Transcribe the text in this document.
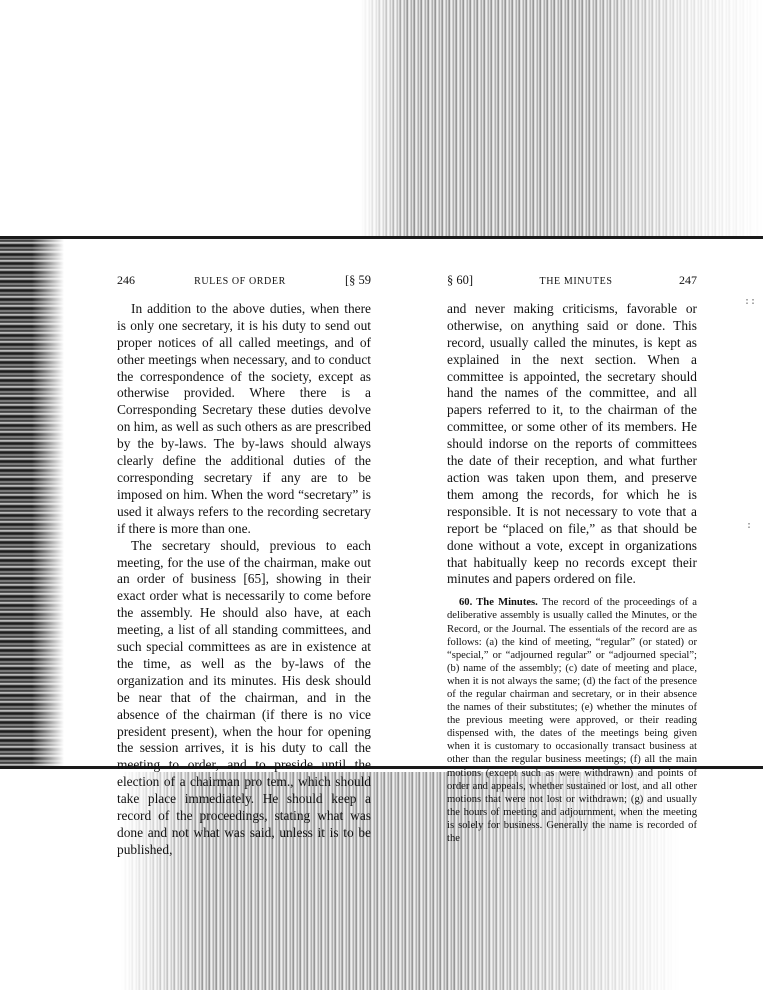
::
:
246	RULES OF ORDER	[§ 59

In addition to the above duties, when there is only one secretary, it is his duty to send out proper notices of all called meetings, and of other meetings when necessary, and to conduct the correspondence of the society, except as otherwise provided. Where there is a Corresponding Secretary these duties devolve on him, as well as such others as are prescribed by the by-laws. The by-laws should always clearly define the additional duties of the corresponding secretary if any are to be imposed on him. When the word “secretary” is used it always refers to the recording secretary if there is more than one.

The secretary should, previous to each meeting, for the use of the chairman, make out an order of business [65], showing in their exact order what is necessarily to come before the assembly. He should also have, at each meeting, a list of all standing committees, and such special committees as are in existence at the time, as well as the by-laws of the organization and its minutes. His desk should be near that of the chairman, and in the absence of the chairman (if there is no vice president present), when the hour for opening the session arrives, it is his duty to call the meeting to order, and to preside until the election of a chairman pro tem., which should take place immediately. He should keep a record of the proceedings, stating what was done and not what was said, unless it is to be published,

§ 60]	THE MINUTES	247

and never making criticisms, favorable or otherwise, on anything said or done. This record, usually called the minutes, is kept as explained in the next section. When a committee is appointed, the secretary should hand the names of the committee, and all papers referred to it, to the chairman of the committee, or some other of its members. He should indorse on the reports of committees the date of their reception, and what further action was taken upon them, and preserve them among the records, for which he is responsible. It is not necessary to vote that a report be “placed on file,” as that should be done without a vote, except in organizations that habitually keep no records except their minutes and papers ordered on file.

60. The Minutes. The record of the proceedings of a deliberative assembly is usually called the Minutes, or the Record, or the Journal. The essentials of the record are as follows: (a) the kind of meeting, “regular” (or stated) or “special,” or “adjourned regular” or “adjourned special”; (b) name of the assembly; (c) date of meeting and place, when it is not always the same; (d) the fact of the presence of the regular chairman and secretary, or in their absence the names of their substitutes; (e) whether the minutes of the previous meeting were approved, or their reading dispensed with, the dates of the meetings being given when it is customary to occasionally transact business at other than the regular business meetings; (f) all the main motions (except such as were withdrawn) and points of order and appeals, whether sustained or lost, and all other motions that were not lost or withdrawn; (g) and usually the hours of meeting and adjournment, when the meeting is solely for business. Generally the name is recorded of the
